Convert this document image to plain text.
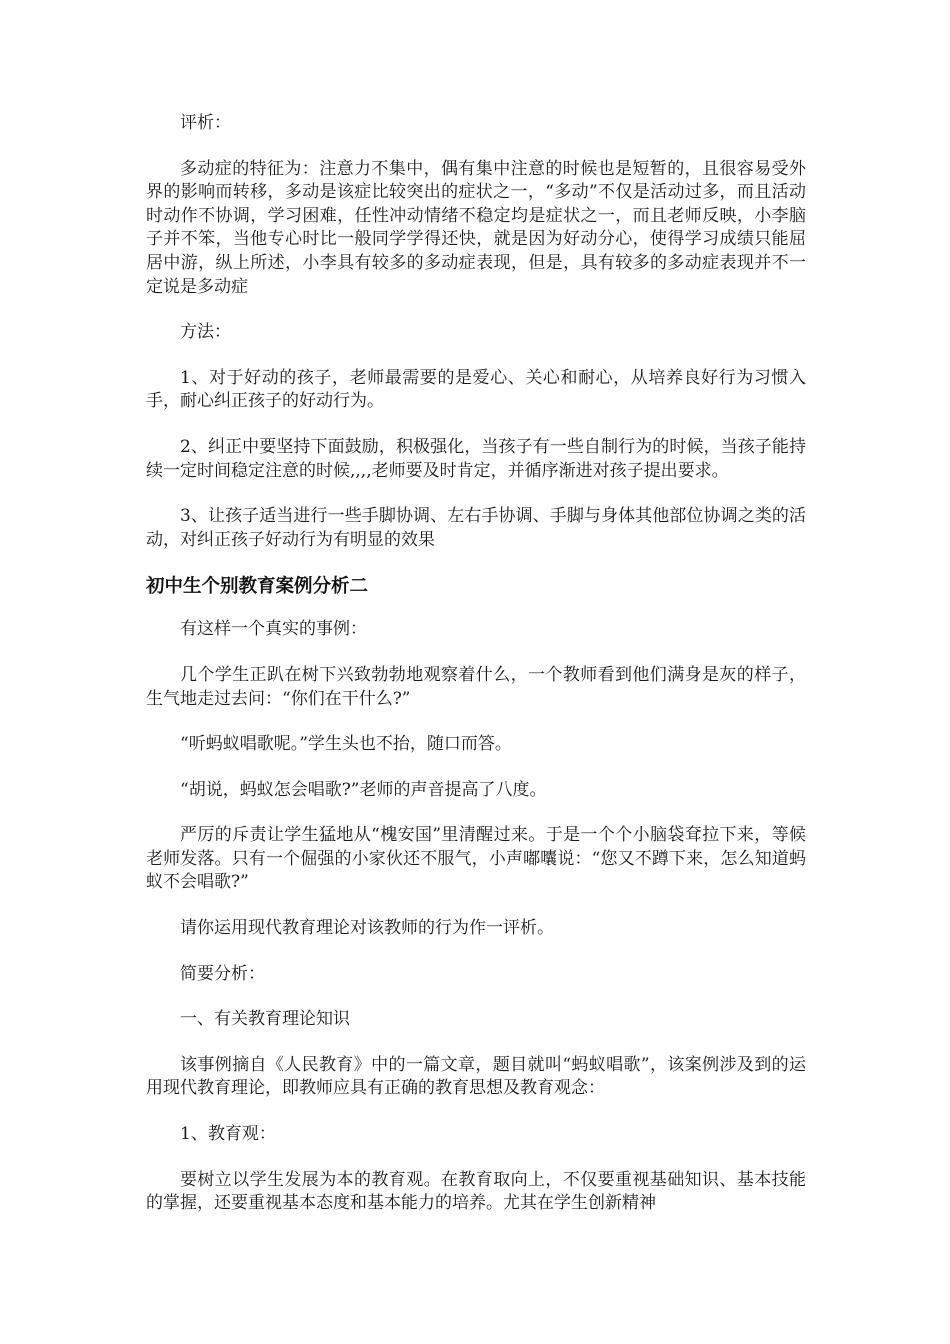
评析：

多动症的特征为：注意力不集中，偶有集中注意的时候也是短暂的，且很容易受外界的影响而转移，多动是该症比较突出的症状之一，“多动”不仅是活动过多，而且活动时动作不协调，学习困难，任性冲动情绪不稳定均是症状之一，而且老师反映，小李脑子并不笨，当他专心时比一般同学学得还快，就是因为好动分心，使得学习成绩只能屈居中游，纵上所述，小李具有较多的多动症表现，但是，具有较多的多动症表现并不一定说是多动症

方法：

1、对于好动的孩子，老师最需要的是爱心、关心和耐心，从培养良好行为习惯入手，耐心纠正孩子的好动行为。

2、纠正中要坚持下面鼓励，积极强化，当孩子有一些自制行为的时候，当孩子能持续一定时间稳定注意的时候,,,,老师要及时肯定，并循序渐进对孩子提出要求。

3、让孩子适当进行一些手脚协调、左右手协调、手脚与身体其他部位协调之类的活动，对纠正孩子好动行为有明显的效果

初中生个别教育案例分析二

有这样一个真实的事例：

几个学生正趴在树下兴致勃勃地观察着什么，一个教师看到他们满身是灰的样子，生气地走过去问：“你们在干什么?”

“听蚂蚁唱歌呢。”学生头也不抬，随口而答。

“胡说，蚂蚁怎会唱歌?”老师的声音提高了八度。

严厉的斥责让学生猛地从“槐安国”里清醒过来。于是一个个小脑袋耷拉下来，等候老师发落。只有一个倔强的小家伙还不服气，小声嘟囔说：“您又不蹲下来，怎么知道蚂蚁不会唱歌?”

请你运用现代教育理论对该教师的行为作一评析。

简要分析：

一、有关教育理论知识

该事例摘自《人民教育》中的一篇文章，题目就叫“蚂蚁唱歌”，该案例涉及到的运用现代教育理论，即教师应具有正确的教育思想及教育观念：

1、教育观：

要树立以学生发展为本的教育观。在教育取向上，不仅要重视基础知识、基本技能的掌握，还要重视基本态度和基本能力的培养。尤其在学生创新精神
